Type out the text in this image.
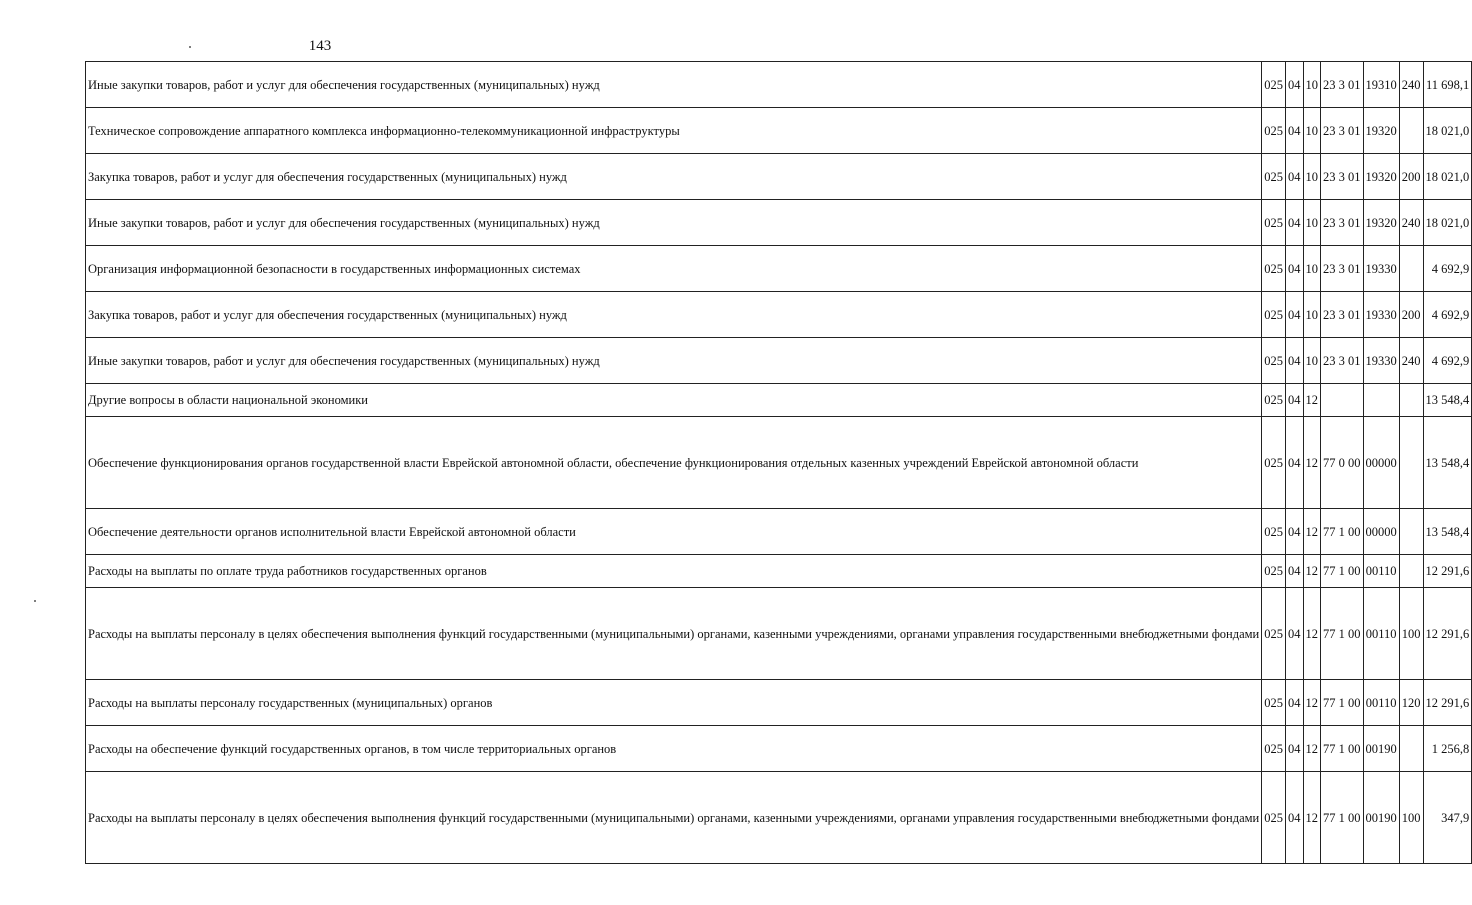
143
Иные закупки товаров, работ и услуг для обеспечения государственных (муниципальных) нужд	025	04	10	23 3 01	19310	240	11 698,1
Техническое сопровождение аппаратного комплекса информационно-телекоммуникационной инфраструктуры	025	04	10	23 3 01	19320		18 021,0
Закупка товаров, работ и услуг для обеспечения государственных (муниципальных) нужд	025	04	10	23 3 01	19320	200	18 021,0
Иные закупки товаров, работ и услуг для обеспечения государственных (муниципальных) нужд	025	04	10	23 3 01	19320	240	18 021,0
Организация информационной безопасности в государственных информационных системах	025	04	10	23 3 01	19330		4 692,9
Закупка товаров, работ и услуг для обеспечения государственных (муниципальных) нужд	025	04	10	23 3 01	19330	200	4 692,9
Иные закупки товаров, работ и услуг для обеспечения государственных (муниципальных) нужд	025	04	10	23 3 01	19330	240	4 692,9
Другие вопросы в области национальной экономики	025	04	12				13 548,4
Обеспечение функционирования органов государственной власти Еврейской автономной области, обеспечение функционирования отдельных казенных учреждений Еврейской автономной области	025	04	12	77 0 00	00000		13 548,4
Обеспечение деятельности органов исполнительной власти Еврейской автономной области	025	04	12	77 1 00	00000		13 548,4
Расходы на выплаты по оплате труда работников государственных органов	025	04	12	77 1 00	00110		12 291,6
Расходы на выплаты персоналу в целях обеспечения выполнения функций государственными (муниципальными) органами, казенными учреждениями, органами управления государственными внебюджетными фондами	025	04	12	77 1 00	00110	100	12 291,6
Расходы на выплаты персоналу государственных (муниципальных) органов	025	04	12	77 1 00	00110	120	12 291,6
Расходы на обеспечение функций государственных органов, в том числе территориальных органов	025	04	12	77 1 00	00190		1 256,8
Расходы на выплаты персоналу в целях обеспечения выполнения функций государственными (муниципальными) органами, казенными учреждениями, органами управления государственными внебюджетными фондами	025	04	12	77 1 00	00190	100	347,9
